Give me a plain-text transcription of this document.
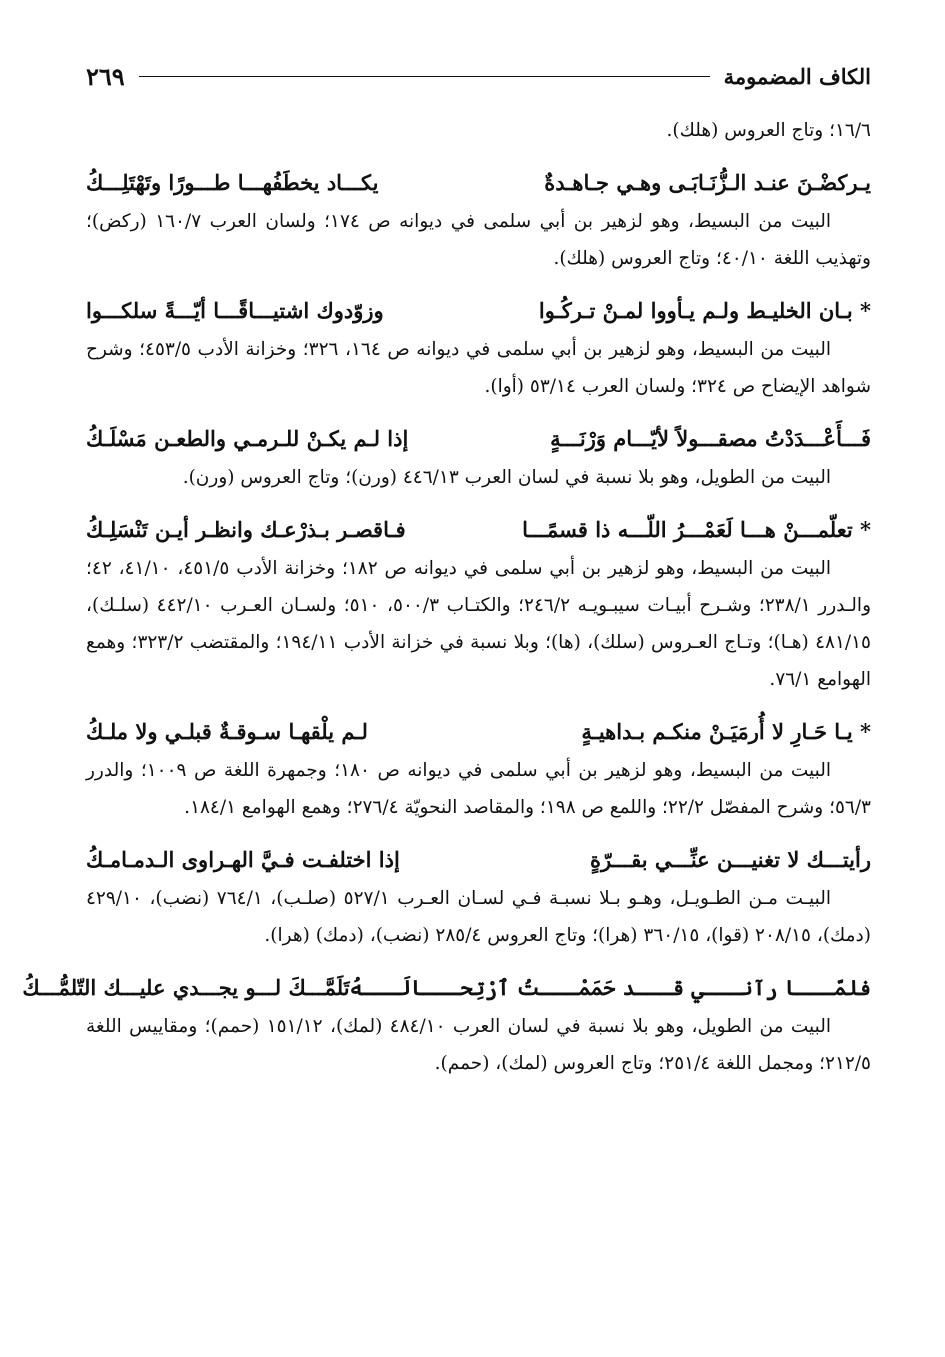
الكاف المضمومة
٢٦٩

١٦/٦؛ وتاج العروس (هلك).

يـركضْـنَ عنـد الـزُّنَـابَـى وهـي جـاهـدةٌ
يكـــاد يخطَفُهـــا طـــورًا وتَهْتَلِـــكُ

البيت من البسيط، وهو لزهير بن أبي سلمى في ديوانه ص ١٧٤؛ ولسان العرب ١٦٠/٧ (ركض)؛ وتهذيب اللغة ٤٠/١٠؛ وتاج العروس (هلك).

* بـان الخليـط ولـم يـأووا لمـنْ تـركُـوا
وزوّدوك اشتيـــاقًـــا أيّـــةً سلكـــوا

البيت من البسيط، وهو لزهير بن أبي سلمى في ديوانه ص ١٦٤، ٣٢٦؛ وخزانة الأدب ٤٥٣/٥؛ وشرح شواهد الإيضاح ص ٣٢٤؛ ولسان العرب ٥٣/١٤ (أوا).

فَـــأَعْـــدَدْتُ مصقـــولاً لأيّـــام وَرْنَـــةٍ
إذا لـم يكـنْ للـرمـي والطعـن مَسْلَـكُ

البيت من الطويل، وهو بلا نسبة في لسان العرب ٤٤٦/١٣ (ورن)؛ وتاج العروس (ورن).

* تعلّمـــنْ هـــا لَعَمْـــرُ اللّـــه ذا قسمًـــا
فـاقصـر بـذرْعـك وانظـر أيـن تَنْسَلِـكُ

البيت من البسيط، وهو لزهير بن أبي سلمى في ديوانه ص ١٨٢؛ وخزانة الأدب ٤٥١/٥، ٤١/١٠، ٤٢؛ والـدرر ٢٣٨/١؛ وشـرح أبيـات سيبـويـه ٢٤٦/٢؛ والكتـاب ٥٠٠/٣، ٥١٠؛ ولسـان العـرب ٤٤٢/١٠ (سلـك)، ٤٨١/١٥ (هـا)؛ وتـاج العـروس (سلك)، (ها)؛ وبلا نسبة في خزانة الأدب ١٩٤/١١؛ والمقتضب ٣٢٣/٢؛ وهمع الهوامع ٧٦/١.

* يـا حَـارِ لا أُرمَيَـنْ منكـم بـداهيـةٍ
لـم يلْقهـا سـوقـةٌ قبلـي ولا ملـكُ

البيت من البسيط، وهو لزهير بن أبي سلمى في ديوانه ص ١٨٠؛ وجمهرة اللغة ص ١٠٠٩؛ والدرر ٥٦/٣؛ وشرح المفصّل ٢٢/٢؛ واللمع ص ١٩٨؛ والمقاصد النحويّة ٢٧٦/٤؛ وهمع الهوامع ١٨٤/١.

رأيتـــك لا تغنيـــن عنِّـــي بقـــرّةٍ
إذا اختلفـت فـيَّ الهـراوى الـدمـامـكُ

البيـت مـن الطـويـل، وهـو بـلا نسبـة فـي لسـان العـرب ٥٢٧/١ (صلـب)، ٧٦٤/١ (نضب)، ٤٢٩/١٠ (دمك)، ٢٠٨/١٥ (قوا)، ٣٦٠/١٥ (هرا)؛ وتاج العروس ٢٨٥/٤ (نضب)، (دمك) (هرا).

فلمّـــا رآنـــي قـــد حَمَمْـــتُ ٱرْتِحـــالَـــهُ
تَلَمَّـــكَ لـــو يجـــدي عليـــك التّلمُّـــكُ

البيت من الطويل، وهو بلا نسبة في لسان العرب ٤٨٤/١٠ (لمك)، ١٥١/١٢ (حمم)؛ ومقاييس اللغة ٢١٢/٥؛ ومجمل اللغة ٢٥١/٤؛ وتاج العروس (لمك)، (حمم).
